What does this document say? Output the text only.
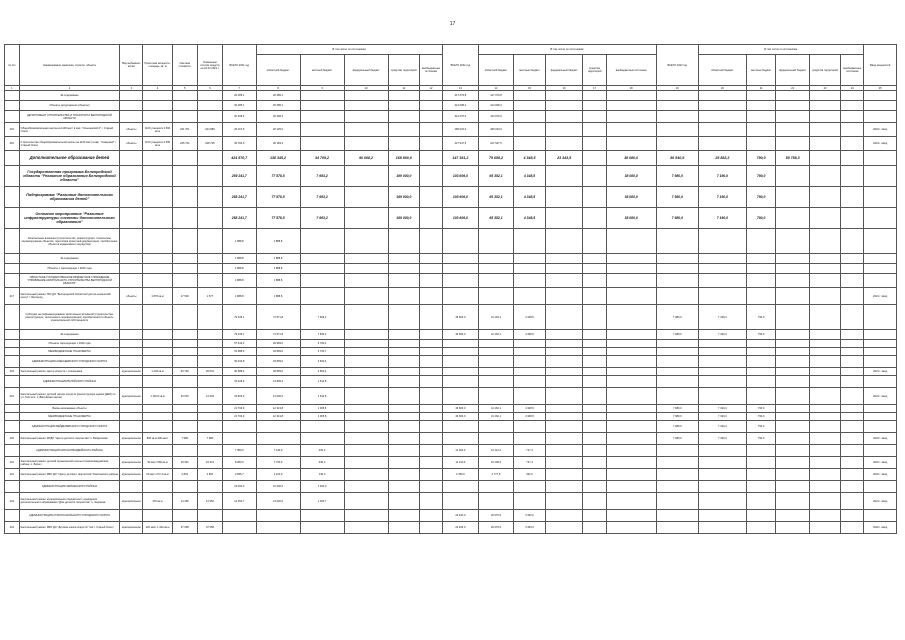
17
№ п/п	Наименование заказчика, отрасли, объекта	Вид выбывших ассев	Проектная мощность, площадь, кв. м	Сметная стоимость	Освоенные остаток средств на 01.01.2021 г.	ВСЕГО 2021 год	В том числе по источникам:					ВСЕГО 2022 год	В том числе по источникам:					ВСЕГО 2023 год	В том числе по источникам:					Ввод мощностей
							областной бюджет	местный бюджет	федеральный бюджет	средства территорий	внебюджетные источники		областной бюджет	местные бюджет	федеральный бюджет	средства территорий	внебюджетные источники		областной бюджет	местные бюджет	федеральный бюджет	средства территорий	внебюджетные источники	
1	2	3	4	5	6	7	8	9	10	11	12	13	14	15	16	17	18	19	20	21	22	23	24	25
	За содержание					20 485,1	20 485,1					417 079,8	417 079,8											
	Объекты продолжения (объекты)					20 485,1	20 485,1					414 008,2	414 008,2											
	ДЕПАРТАМЕНТ СТРОИТЕЛЬСТВА И ТРАНСПОРТА БЕЛГОРОДСКОЙ ОБЛАСТИ					20 308,3	20 308,3					414 070,0	414 070,0											
215	Общеобразовательная школа на 1100 мест в мкр. "Ольшанский-3" г. Старый Оскол	объекты	1100 учащихся 2 500 кв.м	231 761	224 989	20 401,5	20 125,0					186 034,0	186 034,0											2024 г. ввод
216	Строительство общеобразовательной школы на 1100 мест в мкр. "Северный" г. Старый Оскол	объекты	1100 учащихся 2 500 кв.м	245 734	248 725	30 784,5	30 183,3					227 947,5	227 947,5											2024 г. ввод
	Дополнительное образование детей					424 570,7	138 345,2	34 709,2	90 068,2	169 800,0		147 341,2	79 658,2	4 348,5	23 343,5		38 080,0	86 540,9	25 882,2	790,0	59 758,3			
	Государственная программа Белгородской области "Развитие образования Белгородской области"					259 241,7	77 578,5	7 663,2		169 000,0		103 606,0	65 352,1	4 348,5			38 080,0	7 980,0	7 190,0	790,0				
	Подпрограмма "Развитие дополнительного образования детей"					258 241,7	77 578,5	7 663,2		169 000,0		103 606,0	65 352,1	4 348,5			38 080,0	7 980,0	7 190,0	790,0				
	Основное мероприятие "Развитие инфраструктуры системы дополнительного образования"					258 241,7	77 578,5	7 663,2		169 000,0		103 606,0	65 352,1	4 348,5			38 080,0	7 980,0	7 190,0	790,0				
	Капитальные вложения (строительство, реконструкция, техническое перевооружение объектов, подготовка проектной документации, приобретение объектов недвижимого имущества)					1 888,8	1 888,8																	
	За содержание					1 888,8	1 888,8																	
	Объекты с переходящие с 2020 года					1 888,8	1 888,8																	
	ОБЛАСТНОЕ ГОСУДАРСТВЕННОЕ БЮДЖЕТНОЕ УЧРЕЖДЕНИЕ "УПРАВЛЕНИЕ КАПИТАЛЬНОГО СТРОИТЕЛЬСТВА БЕЛГОРОДСКОЙ ОБЛАСТИ"					1 888,8	1 888,8																	
217	Капитальный ремонт ГБУ ДО "Белгородский областной детско-юношеский центр" г. Белгород	объекты	1 870 кв.м	17 500	1 577	1 888,8	1 888,8																	2021 г. ввод
	Субсидии на софинансирование капитальных вложений (строительства, реконструкции, технического перевооружения, приобретения) в объекты муниципальной собственности					79 435,1	71 571,8	7 663,2				46 606,0	41 162,1	4 348,5				7 980,0	7 190,4	790,0				
	За содержание					79 435,1	71 571,8	7 663,2				46 606,0	41 162,1	4 348,5				7 980,0	7 190,4	790,0				
	Объекты переходящие с 2020 года					57 643,2	49 983,0	6 760,4																
	МЕЖБЮДЖЕТНЫЕ ТРАНСФЕРТЫ					51 688,9	33 839,0	3 700,7																
	АДМИНИСТРАЦИЯ АЛЕКСЕЕВСКОГО ГОРОДСКОГО ОКРУГА					30 034,8	33 839,0	3 600,4																
218	Капитальный ремонт Центр искусств г. Алексеевка	муниципальное	1 226 кв.м	53 762	29 601	30 388,2	33 839,0	3 600,4																2021 г. ввод
	АДМИНИСТРАЦИЯ ВАЛУЙСКОГО РАЙОНА					15 228,9	13 809,3	1 614,8																
219	Капитальный ремонт детской школы искусств (реконструкция здания ДШИ) по ул. Толстого, 1 (Валуйская школа)	муниципальное	1 130,5 кв.м	20 515	14 349	15 825,9	14 000,0	1 614,8																2021 г. ввод
	Вновь начинаемые объекты					21 793,9	12 313,8	1 305,8				46 606,0	41 162,1	4 348,5				7 980,0	7 190,4	790,0				
	МЕЖБЮДЖЕТНЫЕ ТРАНСФЕРТЫ					21 793,9	12 313,8	1 305,8				46 606,0	41 162,1	4 348,5				7 980,0	7 190,4	790,0				
	АДМИНИСТРАЦИЯ ВЕЙДЕЛЕВСКОГО ГОРОДСКОГО ОКРУГА																	7 980,0	7 190,4	790,0				
220	Капитальный ремонт МУДО "Центр детского творчества" п. Вейделевка	муниципальное	800 кв.м 290 мест	7 980	7 980													7 980,0	7 190,4	790,0				2023 г. ввод
	АДМИНИСТРАЦИЯ КРАСНОГВАРДЕЙСКОГО РАЙОНА					7 380,0	7 140,0	430,0				11 203,0	10 112,4	717,4										
221	Капитальный ремонт детской музыкальной школы в Красногвардейском районе, п. Бирюч	муниципальное	90 мест 500 кв.м	19 341	19 341	8 280,0	7 730,0	430,0				11 211,0	10 190,5	717,4										2022 г. ввод
222	Капитальный ремонт МБУ ДО "Центр детского творчества" Ракитянского района	муниципальное	60 мест 272,4 кв.м	2 891	2 891	2 835,7	2 210,0	140,0				3 780,0	2 777,8	402,5										2022 г. ввод
	АДМИНИСТРАЦИЯ ЧЕРНЯНСКОГО РАЙОНА					13 000,0	12 000,0	1 300,0																
223	Капитальный ремонт муниципального бюджетного учреждения дополнительного образования "Дом детского творчества" п. Чернянка	муниципальное	470 кв.м	14 350	14 350	14 350,7	13 020,0	1 300,7																2021 г. ввод
	АДМИНИСТРАЦИЯ СТАРООСКОЛЬСКОГО ГОРОДСКОГО ОКРУГА											23 420,0	20 070,0	3 330,0										
224	Капитальный ремонт МБУ ДО "Детская школа искусств" №3 г. Старый Оскол	муниципальное	320 мест 1 423 кв.м	37 058	37 058							23 405,0	20 070,0	3 335,0										2022 г. ввод
